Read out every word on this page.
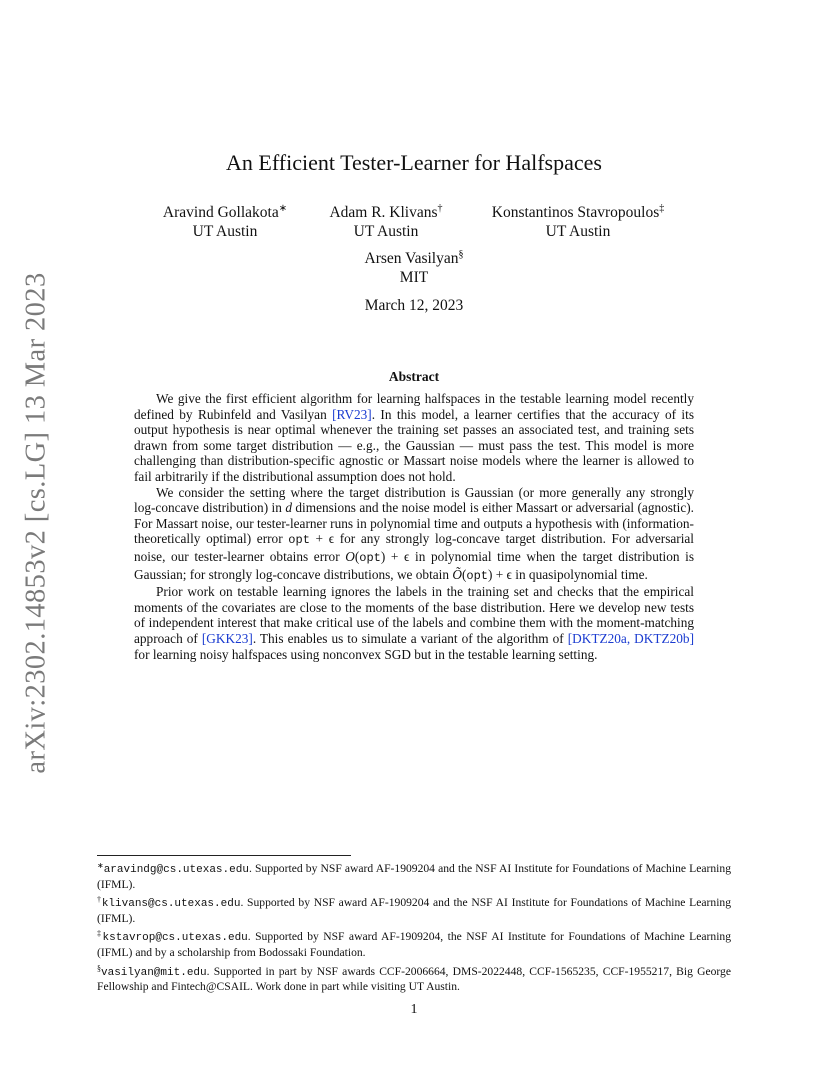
arXiv:2302.14853v2 [cs.LG] 13 Mar 2023
An Efficient Tester-Learner for Halfspaces
Aravind Gollakota∗
UT Austin
Adam R. Klivans†
UT Austin
Konstantinos Stavropoulos‡
UT Austin
Arsen Vasilyan§
MIT
March 12, 2023
Abstract

We give the first efficient algorithm for learning halfspaces in the testable learning model recently defined by Rubinfeld and Vasilyan [RV23]. In this model, a learner certifies that the accuracy of its output hypothesis is near optimal whenever the training set passes an associated test, and training sets drawn from some target distribution — e.g., the Gaussian — must pass the test. This model is more challenging than distribution-specific agnostic or Massart noise models where the learner is allowed to fail arbitrarily if the distributional assumption does not hold.

We consider the setting where the target distribution is Gaussian (or more generally any strongly log-concave distribution) in d dimensions and the noise model is either Massart or adversarial (agnostic). For Massart noise, our tester-learner runs in polynomial time and outputs a hypothesis with (information-theoretically optimal) error opt + ϵ for any strongly log-concave target distribution. For adversarial noise, our tester-learner obtains error O(opt) + ϵ in polynomial time when the target distribution is Gaussian; for strongly log-concave distributions, we obtain Õ(opt) + ϵ in quasipolynomial time.

Prior work on testable learning ignores the labels in the training set and checks that the empirical moments of the covariates are close to the moments of the base distribution. Here we develop new tests of independent interest that make critical use of the labels and combine them with the moment-matching approach of [GKK23]. This enables us to simulate a variant of the algorithm of [DKTZ20a, DKTZ20b] for learning noisy halfspaces using nonconvex SGD but in the testable learning setting.

∗aravindg@cs.utexas.edu. Supported by NSF award AF-1909204 and the NSF AI Institute for Foundations of Machine Learning (IFML).

†klivans@cs.utexas.edu. Supported by NSF award AF-1909204 and the NSF AI Institute for Foundations of Machine Learning (IFML).

‡kstavrop@cs.utexas.edu. Supported by NSF award AF-1909204, the NSF AI Institute for Foundations of Machine Learning (IFML) and by a scholarship from Bodossaki Foundation.

§vasilyan@mit.edu. Supported in part by NSF awards CCF-2006664, DMS-2022448, CCF-1565235, CCF-1955217, Big George Fellowship and Fintech@CSAIL. Work done in part while visiting UT Austin.

1
